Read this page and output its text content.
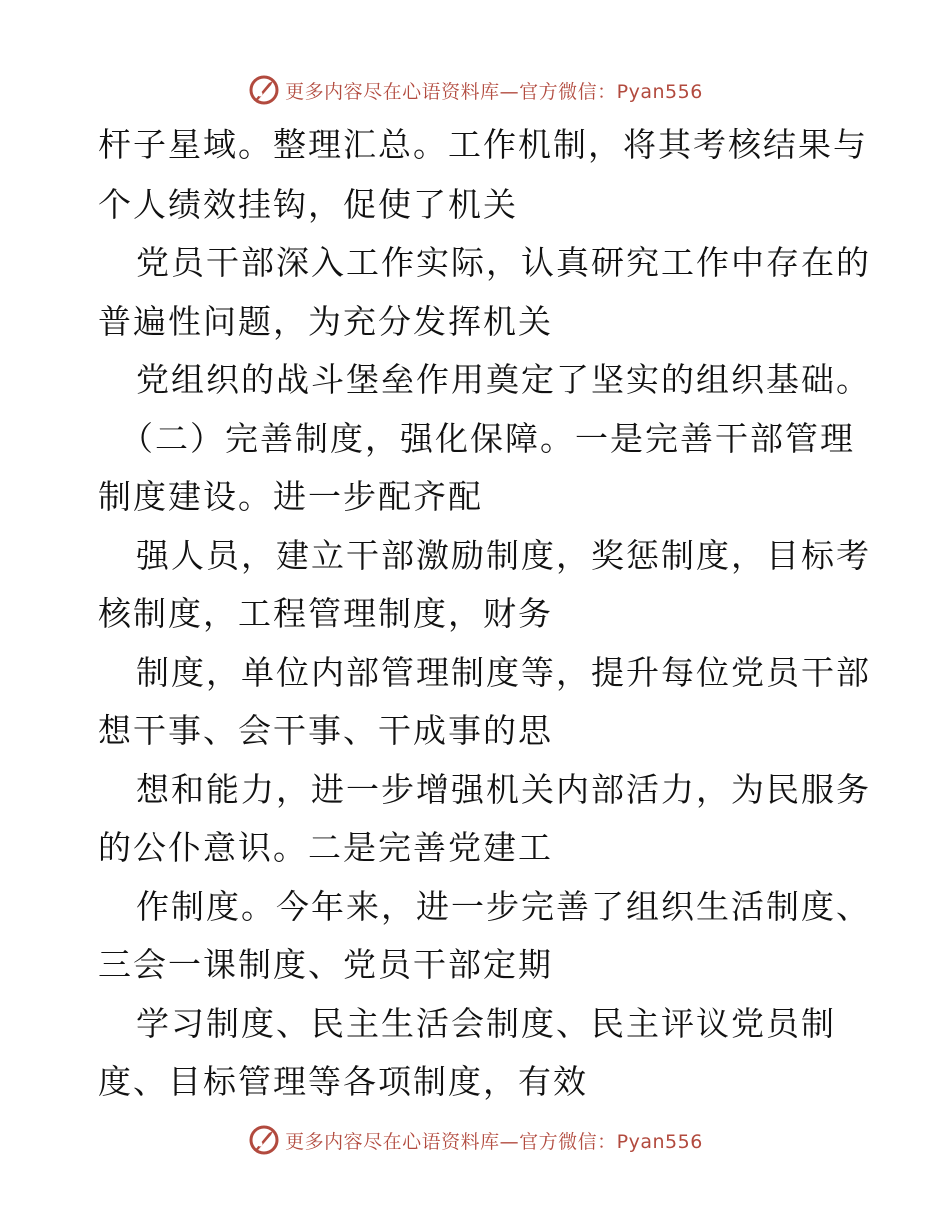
更多内容尽在心语资料库—官方微信：Pyan556
杆子星域。整理汇总。工作机制，将其考核结果与
个人绩效挂钩，促使了机关
党员干部深入工作实际，认真研究工作中存在的
普遍性问题，为充分发挥机关
党组织的战斗堡垒作用奠定了坚实的组织基础。
（二）完善制度，强化保障。一是完善干部管理
制度建设。进一步配齐配
强人员，建立干部激励制度，奖惩制度，目标考
核制度，工程管理制度，财务
制度，单位内部管理制度等，提升每位党员干部
想干事、会干事、干成事的思
想和能力，进一步增强机关内部活力，为民服务
的公仆意识。二是完善党建工
作制度。今年来，进一步完善了组织生活制度、
三会一课制度、党员干部定期
学习制度、民主生活会制度、民主评议党员制
度、目标管理等各项制度，有效
更多内容尽在心语资料库—官方微信：Pyan556
